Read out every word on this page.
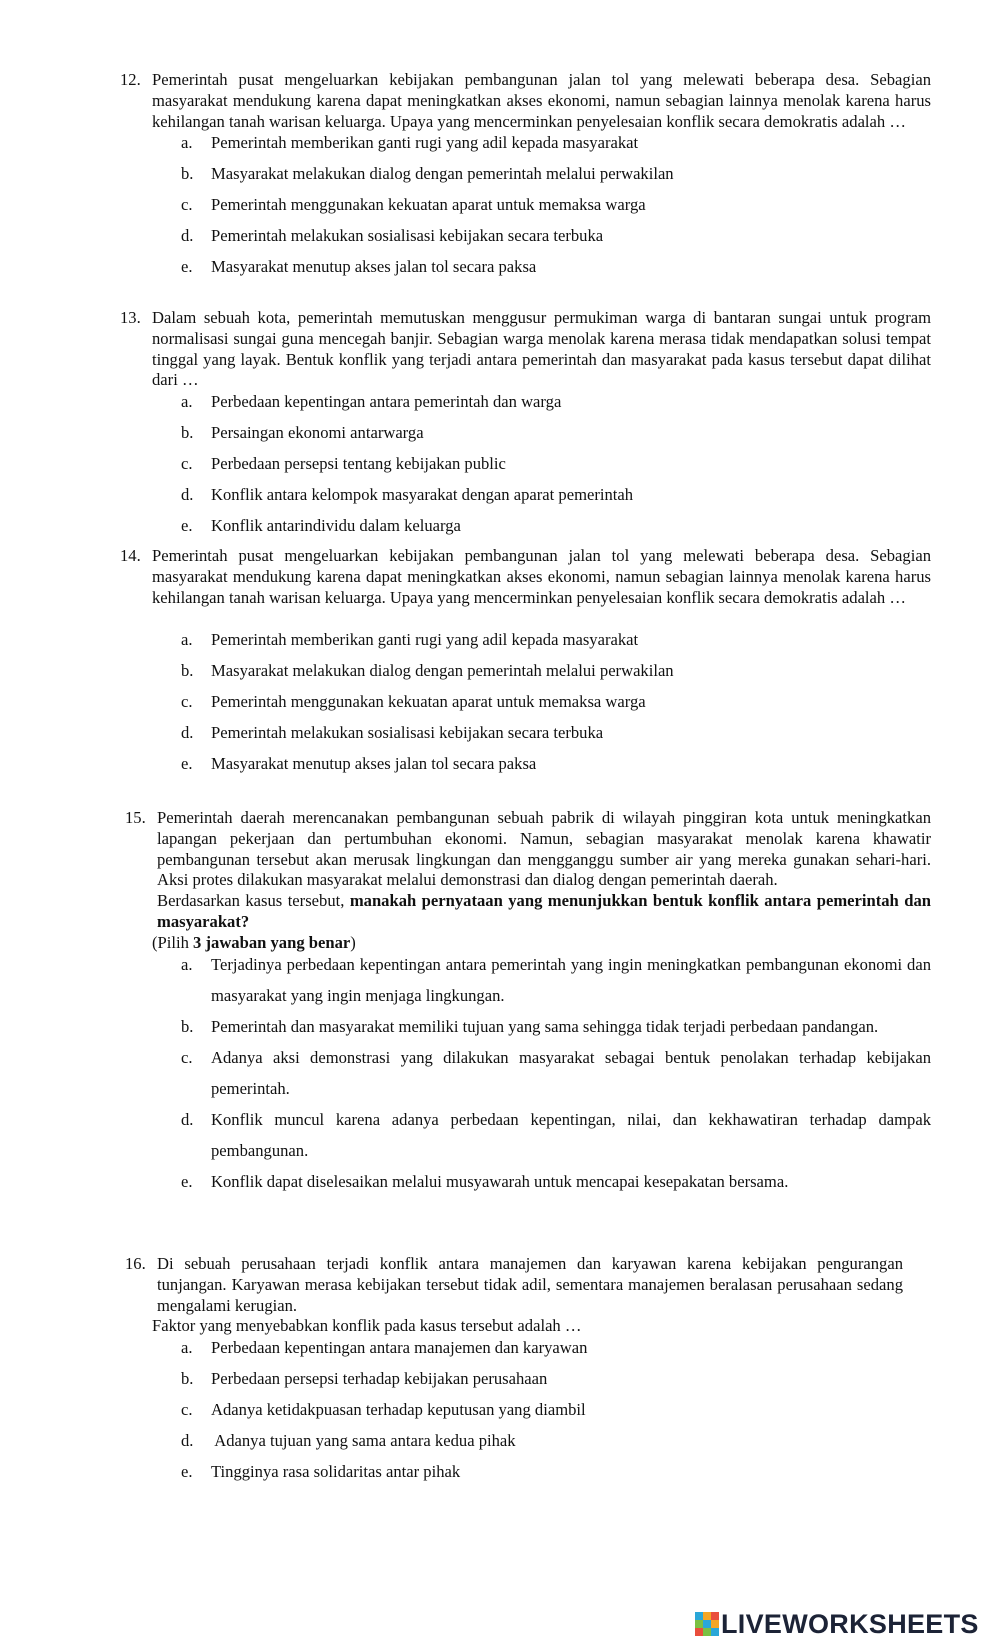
12. Pemerintah pusat mengeluarkan kebijakan pembangunan jalan tol yang melewati beberapa desa. Sebagian masyarakat mendukung karena dapat meningkatkan akses ekonomi, namun sebagian lainnya menolak karena harus kehilangan tanah warisan keluarga. Upaya yang mencerminkan penyelesaian konflik secara demokratis adalah …
a. Pemerintah memberikan ganti rugi yang adil kepada masyarakat
b. Masyarakat melakukan dialog dengan pemerintah melalui perwakilan
c. Pemerintah menggunakan kekuatan aparat untuk memaksa warga
d. Pemerintah melakukan sosialisasi kebijakan secara terbuka
e. Masyarakat menutup akses jalan tol secara paksa
13. Dalam sebuah kota, pemerintah memutuskan menggusur permukiman warga di bantaran sungai untuk program normalisasi sungai guna mencegah banjir. Sebagian warga menolak karena merasa tidak mendapatkan solusi tempat tinggal yang layak. Bentuk konflik yang terjadi antara pemerintah dan masyarakat pada kasus tersebut dapat dilihat dari …
a. Perbedaan kepentingan antara pemerintah dan warga
b. Persaingan ekonomi antarwarga
c. Perbedaan persepsi tentang kebijakan public
d. Konflik antara kelompok masyarakat dengan aparat pemerintah
e. Konflik antarindividu dalam keluarga
14. Pemerintah pusat mengeluarkan kebijakan pembangunan jalan tol yang melewati beberapa desa. Sebagian masyarakat mendukung karena dapat meningkatkan akses ekonomi, namun sebagian lainnya menolak karena harus kehilangan tanah warisan keluarga. Upaya yang mencerminkan penyelesaian konflik secara demokratis adalah …
a. Pemerintah memberikan ganti rugi yang adil kepada masyarakat
b. Masyarakat melakukan dialog dengan pemerintah melalui perwakilan
c. Pemerintah menggunakan kekuatan aparat untuk memaksa warga
d. Pemerintah melakukan sosialisasi kebijakan secara terbuka
e. Masyarakat menutup akses jalan tol secara paksa
15. Pemerintah daerah merencanakan pembangunan sebuah pabrik di wilayah pinggiran kota untuk meningkatkan lapangan pekerjaan dan pertumbuhan ekonomi. Namun, sebagian masyarakat menolak karena khawatir pembangunan tersebut akan merusak lingkungan dan mengganggu sumber air yang mereka gunakan sehari-hari. Aksi protes dilakukan masyarakat melalui demonstrasi dan dialog dengan pemerintah daerah.
Berdasarkan kasus tersebut, manakah pernyataan yang menunjukkan bentuk konflik antara pemerintah dan masyarakat?
(Pilih 3 jawaban yang benar)
a. Terjadinya perbedaan kepentingan antara pemerintah yang ingin meningkatkan pembangunan ekonomi dan masyarakat yang ingin menjaga lingkungan.
b. Pemerintah dan masyarakat memiliki tujuan yang sama sehingga tidak terjadi perbedaan pandangan.
c. Adanya aksi demonstrasi yang dilakukan masyarakat sebagai bentuk penolakan terhadap kebijakan pemerintah.
d. Konflik muncul karena adanya perbedaan kepentingan, nilai, dan kekhawatiran terhadap dampak pembangunan.
e. Konflik dapat diselesaikan melalui musyawarah untuk mencapai kesepakatan bersama.
16. Di sebuah perusahaan terjadi konflik antara manajemen dan karyawan karena kebijakan pengurangan tunjangan. Karyawan merasa kebijakan tersebut tidak adil, sementara manajemen beralasan perusahaan sedang mengalami kerugian.
Faktor yang menyebabkan konflik pada kasus tersebut adalah …
a. Perbedaan kepentingan antara manajemen dan karyawan
b. Perbedaan persepsi terhadap kebijakan perusahaan
c. Adanya ketidakpuasan terhadap keputusan yang diambil
d. Adanya tujuan yang sama antara kedua pihak
e. Tingginya rasa solidaritas antar pihak
LIVEWORKSHEETS
